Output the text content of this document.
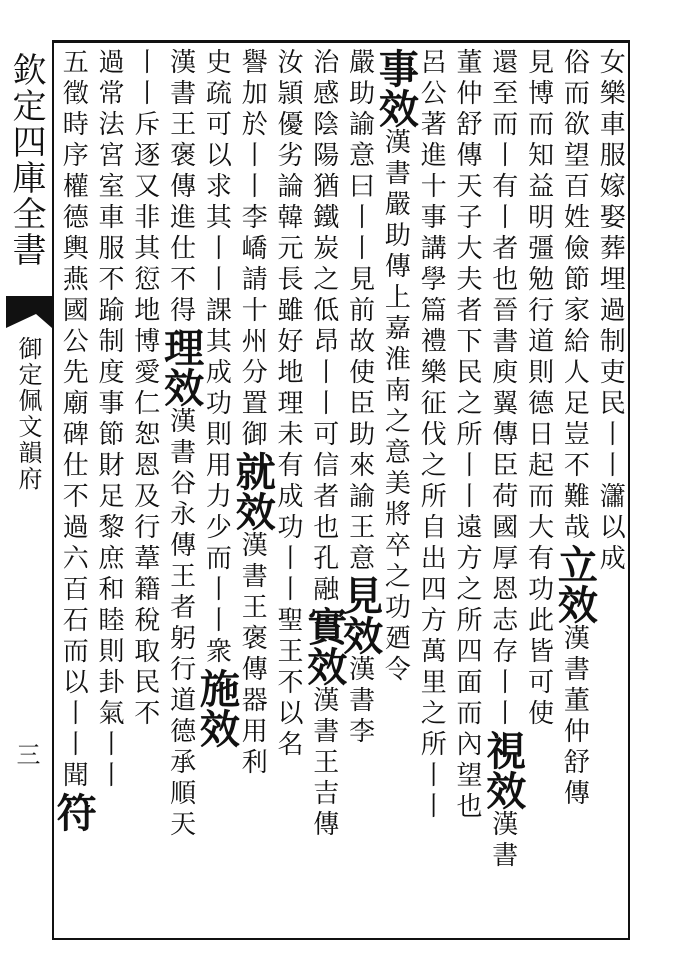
欽定四庫全書
御定佩文韻府
三
女樂車服嫁娶葬埋過制吏民丨丨𤄙以成
俗而欲望百姓儉節家給人足豈不難哉立效漢書董仲舒傳
見博而知益明彊勉行道則德日起而大有功此皆可使
還至而丨有丨者也晉書庾翼傳臣荷國厚恩志存丨丨視效漢書
董仲舒傳天子大夫者下民之所丨丨遠方之所四面而內望也
呂公著進十事講學篇禮樂征伐之所自出四方萬里之所丨丨
事效漢書嚴助傳上嘉淮南之意美將卒之功廼令
嚴助諭意曰丨丨見前故使臣助來諭王意見效漢書李
治感陰陽猶鐵炭之低昂丨丨可信者也孔融實效漢書王吉傳
汝頴優劣論韓元長雖好地理未有成功丨丨聖王不以名
譽加於丨丨李嶠請十州分置御就效漢書王褒傳器用利
史疏可以求其丨丨課其成功則用力少而丨丨衆施效
漢書王褒傳進仕不得理效漢書谷永傳王者躬行道德承順天
丨丨斥逐又非其愆地博愛仁恕恩及行葦籍稅取民不
過常法宮室車服不踰制度事節財足黎庶和睦則卦氣丨丨
五徵時序權德輿燕國公先廟碑仕不過六百石而以丨丨聞符
